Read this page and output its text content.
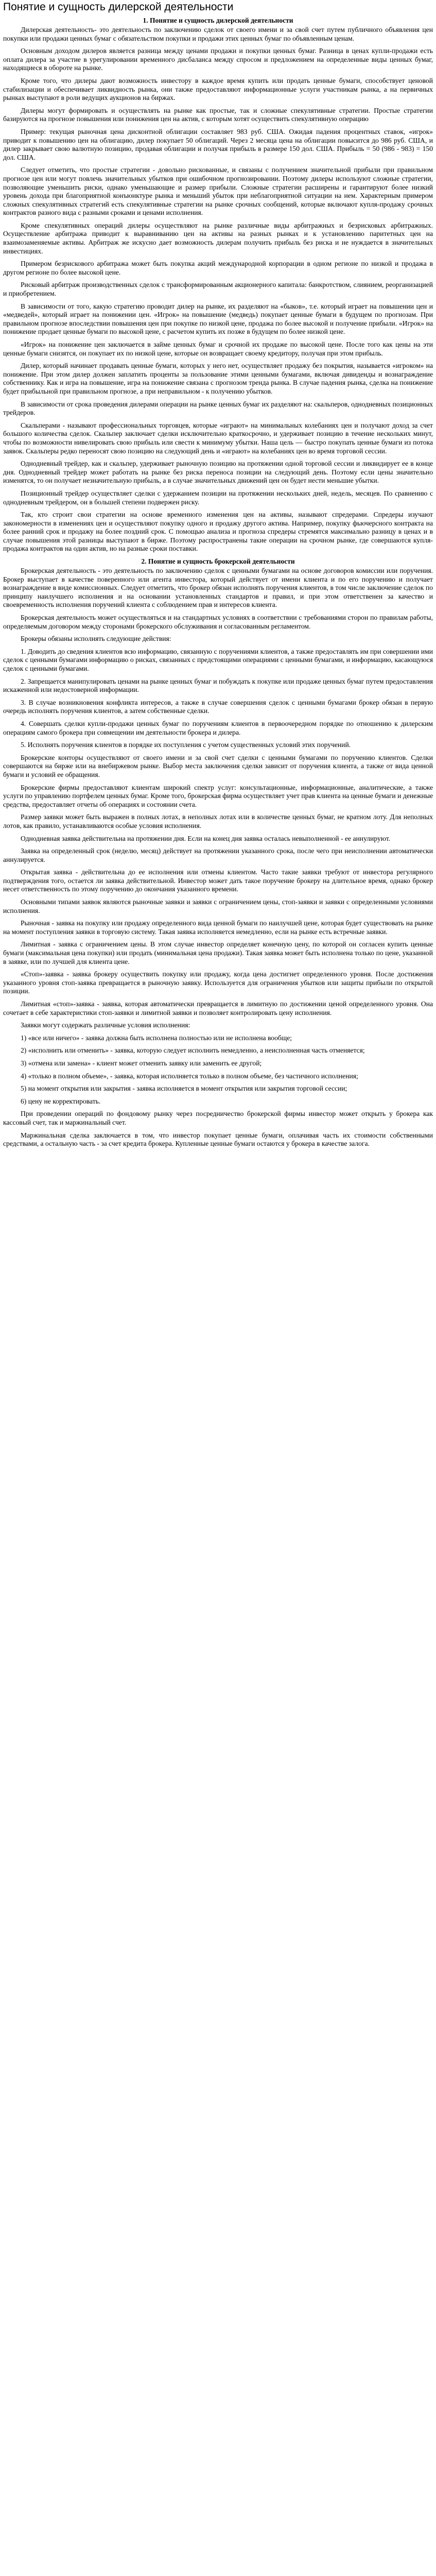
Понятие и сущность дилерской деятельности
1. Понятие и сущность дилерской деятельности

Дилерская деятельность- это деятельность по заключению сделок от своего имени и за свой счет путем публичного объявления цен покупки или продажи ценных бумаг с обязательством покупки и продажи этих ценных бумаг по объявленным ценам.

Основным доходом дилеров является разница между ценами продажи и покупки ценных бумаг. Разница в ценах купли-продажи есть оплата дилера за участие в урегулировании временного дисбаланса между спросом и предложением на определенные виды ценных бумаг, находящиеся в обороте на рынке.

Кроме того, что дилеры дают возможность инвестору в каждое время купить или продать ценные бумаги, способствует ценовой стабилизации и обеспечивает ликвидность рынка, они также предоставляют информационные услуги участникам рынка, а на первичных рынках выступают в роли ведущих аукционов на биржах.

Дилеры могут формировать и осуществлять на рынке как простые, так и сложные спекулятивные стратегии. Простые стратегии базируются на прогнозе повышения или понижения цен на актив, с которым хотят осуществить спекулятивную операцию

Пример: текущая рыночная цена дисконтной облигации составляет 983 руб. США. Ожидая падения процентных ставок, «игрок» приводит к повышению цен на облигацию, дилер покупает 50 облигаций. Через 2 месяца цена на облигации повысится до 986 руб. США, и дилер закрывает свою валютную позицию, продавая облигации и получая прибыль в размере 150 дол. США. Прибыль = 50 (986 - 983) = 150 дол. США.

Следует отметить, что простые стратегии - довольно рискованные, и связаны с получением значительной прибыли при правильном прогнозе цен или могут повлечь значительных убытков при ошибочном прогнозировании. Поэтому дилеры используют сложные стратегии, позволяющие уменьшить риски, однако уменьшающие и размер прибыли. Сложные стратегии расширены и гарантируют более низкий уровень дохода при благоприятной конъюнктуре рынка и меньший убыток при неблагоприятной ситуации на нем. Характерным примером сложных спекулятивных стратегий есть спекулятивные стратегии на рынке срочных сообщений, которые включают купля-продажу срочных контрактов разного вида с разными сроками и ценами исполнения.

Кроме спекулятивных операций дилеры осуществляют на рынке различные виды арбитражных и безрисковых арбитражных. Осуществление арбитража приводит к выравниванию цен на активы на разных рынках и к установлению паритетных цен на взаимозаменяемые активы. Арбитраж же искусно дает возможность дилерам получить прибыль без риска и не нуждается в значительных инвестициях.

Примером безрискового арбитража может быть покупка акций международной корпорации в одном регионе по низкой и продажа в другом регионе по более высокой цене.

Рисковый арбитраж производственных сделок с трансформированным акционерного капитала: банкротством, слиянием, реорганизацией и приобретением.

В зависимости от того, какую стратегию проводит дилер на рынке, их разделяют на «быков», т.е. который играет на повышении цен и «медведей», который играет на понижении цен. «Игрок» на повышение (медведь) покупает ценные бумаги в будущем по прогнозам. При правильном прогнозе впоследствии повышения цен при покупке по низкой цене, продажа по более высокой и получение прибыли. «Игрок» на понижение продает ценные бумаги по высокой цене, с расчетом купить их позже в будущем по более низкой цене.

«Игрок» на понижение цен заключается в займе ценных бумаг и срочной их продаже по высокой цене. После того как цены на эти ценные бумаги снизятся, он покупает их по низкой цене, которые он возвращает своему кредитору, получая при этом прибыль.

Дилер, который начинает продавать ценные бумаги, которых у него нет, осуществляет продажу без покрытия, называется «игроком» на понижение. При этом дилер должен заплатить проценты за пользование этими ценными бумагами, включая дивиденды и вознаграждение собственнику. Как и игра на повышение, игра на понижение связана с прогнозом тренда рынка. В случае падения рынка, сделка на понижение будет прибыльной при правильном прогнозе, а при неправильном - к получению убытков.

В зависимости от срока проведения дилерами операции на рынке ценных бумаг их разделяют на: скальперов, однодневных позиционных трейдеров.

Скальперами - называют профессиональных торговцев, которые «играют» на минимальных колебаниях цен и получают доход за счет большого количества сделок. Скальпер заключает сделки исключительно краткосрочно, и удерживает позицию в течение нескольких минут, чтобы по возможности нивелировать свою прибыль или свести к минимуму убытки. Наша цель — быстро покупать ценные бумаги из потока заявок. Скальперы редко переносят свою позицию на следующий день и «играют» на колебаниях цен во время торговой сессии.

Однодневный трейдер, как и скальпер, удерживает рыночную позицию на протяжении одной торговой сессии и ликвидирует ее в конце дня. Однодневный трейдер может работать на рынке без риска переноса позиции на следующий день. Поэтому если цены значительно изменятся, то он получает незначительную прибыль, а в случае значительных движений цен он будет нести меньшие убытки.

Позиционный трейдер осуществляет сделки с удержанием позиции на протяжении нескольких дней, недель, месяцев. По сравнению с однодневным трейдером, он в большей степени подвержен риску.

Так, кто строит свои стратегии на основе временного изменения цен на активы, называют спредерами. Спредеры изучают закономерности в изменениях цен и осуществляют покупку одного и продажу другого актива. Например, покупку фьючерсного контракта на более ранний срок и продажу на более поздний срок. С помощью анализа и прогноза спредеры стремятся максимально разницу в ценах и в случае повышения этой разницы выступают в бирже. Поэтому распространены такие операции на срочном рынке, где совершаются купля-продажа контрактов на один актив, но на разные сроки поставки.

2. Понятие и сущность брокерской деятельности

Брокерская деятельность - это деятельность по заключению сделок с ценными бумагами на основе договоров комиссии или поручения. Брокер выступает в качестве поверенного или агента инвестора, который действует от имени клиента и по его поручению и получает вознаграждение в виде комиссионных. Следует отметить, что брокер обязан исполнять поручения клиентов, в том числе заключение сделок по принципу наилучшего исполнения и на основании установленных стандартов и правил, и при этом ответственен за качество и своевременность исполнения поручений клиента с соблюдением прав и интересов клиента.

Брокерская деятельность может осуществляться и на стандартных условиях в соответствии с требованиями сторон по правилам работы, определяемым договором между сторонами брокерского обслуживания и согласованным регламентом.

Брокеры обязаны исполнять следующие действия:

1. Доводить до сведения клиентов всю информацию, связанную с поручениями клиентов, а также предоставлять им при совершении ими сделок с ценными бумагами информацию о рисках, связанных с предстоящими операциями с ценными бумагами, и информацию, касающуюся сделок с ценными бумагами.

2. Запрещается манипулировать ценами на рынке ценных бумаг и побуждать к покупке или продаже ценных бумаг путем предоставления искаженной или недостоверной информации.

3. В случае возникновения конфликта интересов, а также в случае совершения сделок с ценными бумагами брокер обязан в первую очередь исполнять поручения клиентов, а затем собственные сделки.

4. Совершать сделки купли-продажи ценных бумаг по поручениям клиентов в первоочередном порядке по отношению к дилерским операциям самого брокера при совмещении им деятельности брокера и дилера.

5. Исполнять поручения клиентов в порядке их поступления с учетом существенных условий этих поручений.

Брокерские конторы осуществляют от своего имени и за свой счет сделки с ценными бумагами по поручению клиентов. Сделки совершаются на бирже или на внебиржевом рынке. Выбор места заключения сделки зависит от поручения клиента, а также от вида ценной бумаги и условий ее обращения.

Брокерские фирмы предоставляют клиентам широкий спектр услуг: консультационные, информационные, аналитические, а также услуги по управлению портфелем ценных бумаг. Кроме того, брокерская фирма осуществляет учет прав клиента на ценные бумаги и денежные средства, предоставляет отчеты об операциях и состоянии счета.

Размер заявки может быть выражен в полных лотах, в неполных лотах или в количестве ценных бумаг, не кратном лоту. Для неполных лотов, как правило, устанавливаются особые условия исполнения.

Однодневная заявка действительна на протяжении дня. Если на конец дня заявка осталась невыполненной - ее аннулируют.

Заявка на определенный срок (неделю, месяц) действует на протяжении указанного срока, после чего при неисполнении автоматически аннулируется.

Открытая заявка - действительна до ее исполнения или отмены клиентом. Часто такие заявки требуют от инвестора регулярного подтверждения того, остается ли заявка действительной. Инвестор может дать такое поручение брокеру на длительное время, однако брокер несет ответственность по этому поручению до окончания указанного времени.

Основными типами заявок являются рыночные заявки и заявки с ограничением цены, стоп-заявки и заявки с определенными условиями исполнения.

Рыночная - заявка на покупку или продажу определенного вида ценной бумаги по наилучшей цене, которая будет существовать на рынке на момент поступления заявки в торговую систему. Такая заявка исполняется немедленно, если на рынке есть встречные заявки.

Лимитная - заявка с ограничением цены. В этом случае инвестор определяет конечную цену, по которой он согласен купить ценные бумаги (максимальная цена покупки) или продать (минимальная цена продажи). Такая заявка может быть исполнена только по цене, указанной в заявке, или по лучшей для клиента цене.

«Стоп»-заявка - заявка брокеру осуществить покупку или продажу, когда цена достигнет определенного уровня. После достижения указанного уровня стоп-заявка превращается в рыночную заявку. Используется для ограничения убытков или защиты прибыли по открытой позиции.

Лимитная «стоп»-заявка - заявка, которая автоматически превращается в лимитную по достижении ценой определенного уровня. Она сочетает в себе характеристики стоп-заявки и лимитной заявки и позволяет контролировать цену исполнения.

Заявки могут содержать различные условия исполнения:

1) «все или ничего» - заявка должна быть исполнена полностью или не исполнена вообще;

2) «исполнить или отменить» - заявка, которую следует исполнить немедленно, а неисполненная часть отменяется;

3) «отмена или замена» - клиент может отменить заявку или заменить ее другой;

4) «только в полном объеме», - заявка, которая исполняется только в полном объеме, без частичного исполнения;

5) на момент открытия или закрытия - заявка исполняется в момент открытия или закрытия торговой сессии;

6) цену не корректировать.

При проведении операций по фондовому рынку через посредничество брокерской фирмы инвестор может открыть у брокера как кассовый счет, так и маржинальный счет.

Маржинальная сделка заключается в том, что инвестор покупает ценные бумаги, оплачивая часть их стоимости собственными средствами, а остальную часть - за счет кредита брокера. Купленные ценные бумаги остаются у брокера в качестве залога.
